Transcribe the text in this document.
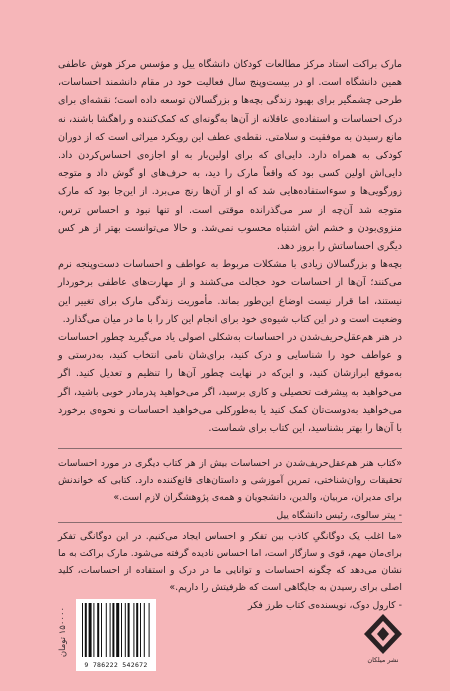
مارک براکت استاد مرکز مطالعات کودکان دانشگاه ییل و مؤسس مرکز هوش عاطفی همین دانشگاه است. او در بیست‌وپنج سال فعالیت خود در مقام دانشمند احساسات، طرحی چشمگیر برای بهبود زندگی بچه‌ها و بزرگسالان توسعه داده است؛ نقشه‌ای برای درک احساسات و استفاده‌ی عاقلانه از آن‌ها به‌گونه‌ای که کمک‌کننده و راهگشا باشند، نه مانع رسیدن به موفقیت و سلامتی. نقطه‌ی عطف این رویکرد میراثی است که از دوران کودکی به همراه دارد. دایی‌ای که برای اولین‌بار به او اجازه‌ی احساس‌کردن داد. دایی‌اش اولین کسی بود که واقعاً مارک را دید، به حرف‌های او گوش داد و متوجه زورگویی‌ها و سوءاستفاده‌هایی شد که او از آن‌ها رنج می‌برد. از این‌جا بود که مارک متوجه شد آن‌چه از سر می‌گذرانده موقتی است. او تنها نبود و احساس ترس، منزوی‌بودن و خشم اش اشتباه محسوب نمی‌شد. و حالا می‌توانست بهتر از هر کس دیگری احساساتش را بروز دهد.

بچه‌ها و بزرگسالان زیادی با مشکلات مربوط به عواطف و احساسات دست‌وپنجه نرم می‌کنند؛ آن‌ها از احساسات خود خجالت می‌کشند و از مهارت‌های عاطفی برخوردار نیستند، اما قرار نیست اوضاع این‌طور بماند. مأموریت زندگی مارک برای تغییر این وضعیت است و در این کتاب شیوه‌ی خود برای انجام این کار را با ما در میان می‌گذارد.

در هنر هم‌عقل‌حریف‌شدن در احساسات به‌شکلی اصولی یاد می‌گیرید چطور احساسات و عواطف خود را شناسایی و درک کنید، برای‌شان نامی انتخاب کنید، به‌درستی و به‌موقع ابرازشان کنید، و این‌که در نهایت چطور آن‌ها را تنظیم و تعدیل کنید. اگر می‌خواهید به پیشرفت تحصیلی و کاری برسید، اگر می‌خواهید پدر‌مادر خوبی باشید، اگر می‌خواهید به‌دوست‌تان کمک کنید یا به‌طورکلی می‌خواهید احساسات و نحوه‌ی برخورد با آن‌ها را بهتر بشناسید، این کتاب برای شماست.

«کتاب هنر هم‌عقل‌حریف‌شدن در احساسات بیش از هر کتاب دیگری در مورد احساسات تحقیقات روان‌شناختی، تمرین آموزشی و داستان‌های قانع‌کننده دارد. کتابی که خواندنش برای مدیران، مربیان، والدین، دانشجویان و همه‌ی پژوهشگران لازم است.»

- پیتر سالوی، رئیس دانشگاه ییل

«ما اغلب یک دوگانگیِ کاذب بین تفکر و احساس ایجاد می‌کنیم. در این دوگانگی تفکر برای‌مان مهم، قوی و سازگار است، اما احساس نادیده گرفته می‌شود. مارک براکت به ما نشان می‌دهد که چگونه احساسات و توانایی ما در درک و استفاده از احساسات، کلید اصلی برای رسیدن به جایگاهی است که ظرفیتش را داریم.»

- کارول دوک، نویسنده‌ی کتاب طرز فکر

۱۵۰۰۰۰ تومان
9 786222 542672
نشر میلکان
